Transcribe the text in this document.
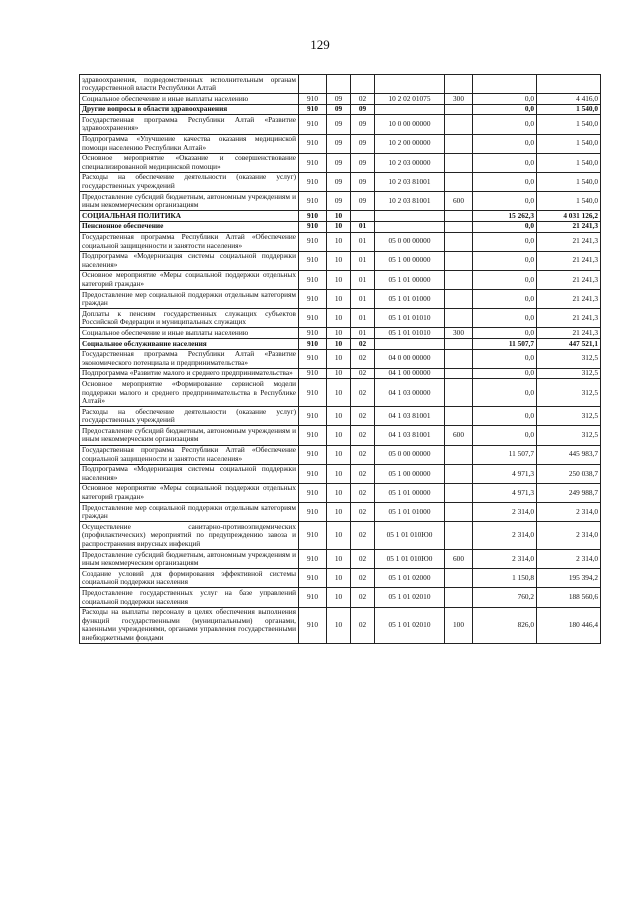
129
здравоохранения, подведомственных исполнительным органам государственной власти Республики Алтай							
Социальное обеспечение и иные выплаты населению	910	09	02	10 2 02 01075	300	0,0	4 416,0
Другие вопросы в области здравоохранения	910	09	09			0,0	1 540,0
Государственная программа Республики Алтай «Развитие здравоохранения»	910	09	09	10 0 00 00000		0,0	1 540,0
Подпрограмма «Улучшение качества оказания медицинской помощи населению Республики Алтай»	910	09	09	10 2 00 00000		0,0	1 540,0
Основное мероприятие «Оказание и совершенствование специализированной медицинской помощи»	910	09	09	10 2 03 00000		0,0	1 540,0
Расходы на обеспечение деятельности (оказание услуг) государственных учреждений	910	09	09	10 2 03 81001		0,0	1 540,0
Предоставление субсидий бюджетным, автономным учреждениям и иным некоммерческим организациям	910	09	09	10 2 03 81001	600	0,0	1 540,0
СОЦИАЛЬНАЯ ПОЛИТИКА	910	10				15 262,3	4 031 126,2
Пенсионное обеспечение	910	10	01			0,0	21 241,3
Государственная программа Республики Алтай «Обеспечение социальной защищенности и занятости населения»	910	10	01	05 0 00 00000		0,0	21 241,3
Подпрограмма «Модернизация системы социальной поддержки населения»	910	10	01	05 1 00 00000		0,0	21 241,3
Основное мероприятие «Меры социальной поддержки отдельных категорий граждан»	910	10	01	05 1 01 00000		0,0	21 241,3
Предоставление мер социальной поддержки отдельным категориям граждан	910	10	01	05 1 01 01000		0,0	21 241,3
Доплаты к пенсиям государственных служащих субъектов Российской Федерации и муниципальных служащих	910	10	01	05 1 01 01010		0,0	21 241,3
Социальное обеспечение и иные выплаты населению	910	10	01	05 1 01 01010	300	0,0	21 241,3
Социальное обслуживание населения	910	10	02			11 507,7	447 521,1
Государственная программа Республики Алтай «Развитие экономического потенциала и предпринимательства»	910	10	02	04 0 00 00000		0,0	312,5
Подпрограмма «Развитие малого и среднего предпринимательства»	910	10	02	04 1 00 00000		0,0	312,5
Основное мероприятие «Формирование сервисной модели поддержки малого и среднего предпринимательства в Республике Алтай»	910	10	02	04 1 03 00000		0,0	312,5
Расходы на обеспечение деятельности (оказание услуг) государственных учреждений	910	10	02	04 1 03 81001		0,0	312,5
Предоставление субсидий бюджетным, автономным учреждениям и иным некоммерческим организациям	910	10	02	04 1 03 81001	600	0,0	312,5
Государственная программа Республики Алтай «Обеспечение социальной защищенности и занятости населения»	910	10	02	05 0 00 00000		11 507,7	445 983,7
Подпрограмма «Модернизация системы социальной поддержки населения»	910	10	02	05 1 00 00000		4 971,3	250 038,7
Основное мероприятие «Меры социальной поддержки отдельных категорий граждан»	910	10	02	05 1 01 00000		4 971,3	249 988,7
Предоставление мер социальной поддержки отдельным категориям граждан	910	10	02	05 1 01 01000		2 314,0	2 314,0
Осуществление санитарно-противоэпидемических (профилактических) мероприятий по предупреждению завоза и распространения вирусных инфекций	910	10	02	05 1 01 010Ю0		2 314,0	2 314,0
Предоставление субсидий бюджетным, автономным учреждениям и иным некоммерческим организациям	910	10	02	05 1 01 010Ю0	600	2 314,0	2 314,0
Создание условий для формирования эффективной системы социальной поддержки населения	910	10	02	05 1 01 02000		1 150,8	195 394,2
Предоставление государственных услуг на базе управлений социальной поддержки населения	910	10	02	05 1 01 02010		760,2	188 560,6
Расходы на выплаты персоналу в целях обеспечения выполнения функций государственными (муниципальными) органами, казенными учреждениями, органами управления государственными внебюджетными фондами	910	10	02	05 1 01 02010	100	826,0	180 446,4
